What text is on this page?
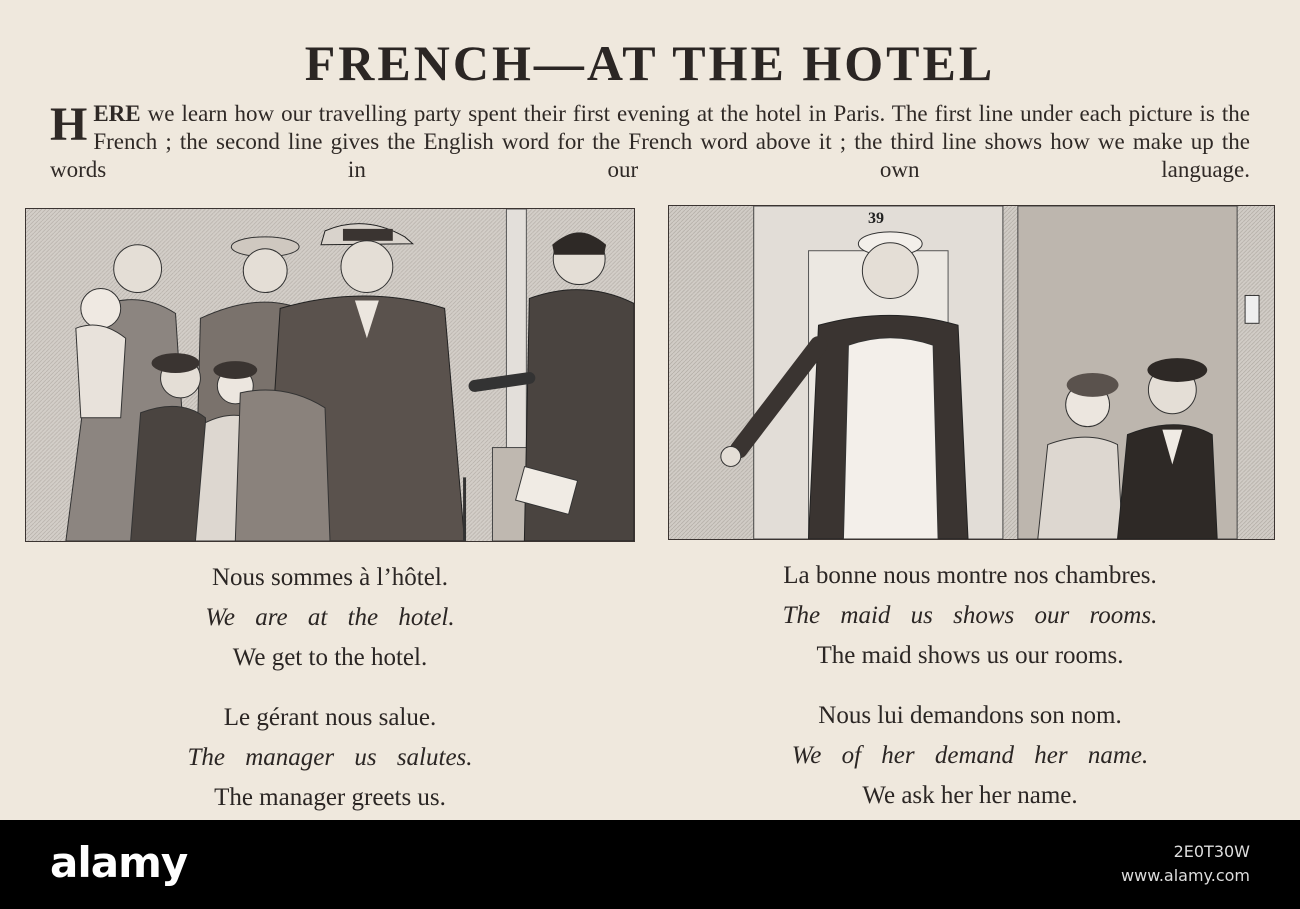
FRENCH—AT THE HOTEL

HERE we learn how our travelling party spent their first evening at the hotel in Paris. The first line under each picture is the French ; the second line gives the English word for the French word above it ; the third line shows how we make up the words in our own language.

39
Nous sommes à l’hôtel.
We are at the hotel.
We get to the hotel.
Le gérant nous salue.
The manager us salutes.
The manager greets us.
La bonne nous montre nos chambres.
The maid us shows our rooms.
The maid shows us our rooms.
Nous lui demandons son nom.
We of her demand her name.
We ask her her name.
alamy	2E0T30W
www.alamy.com
